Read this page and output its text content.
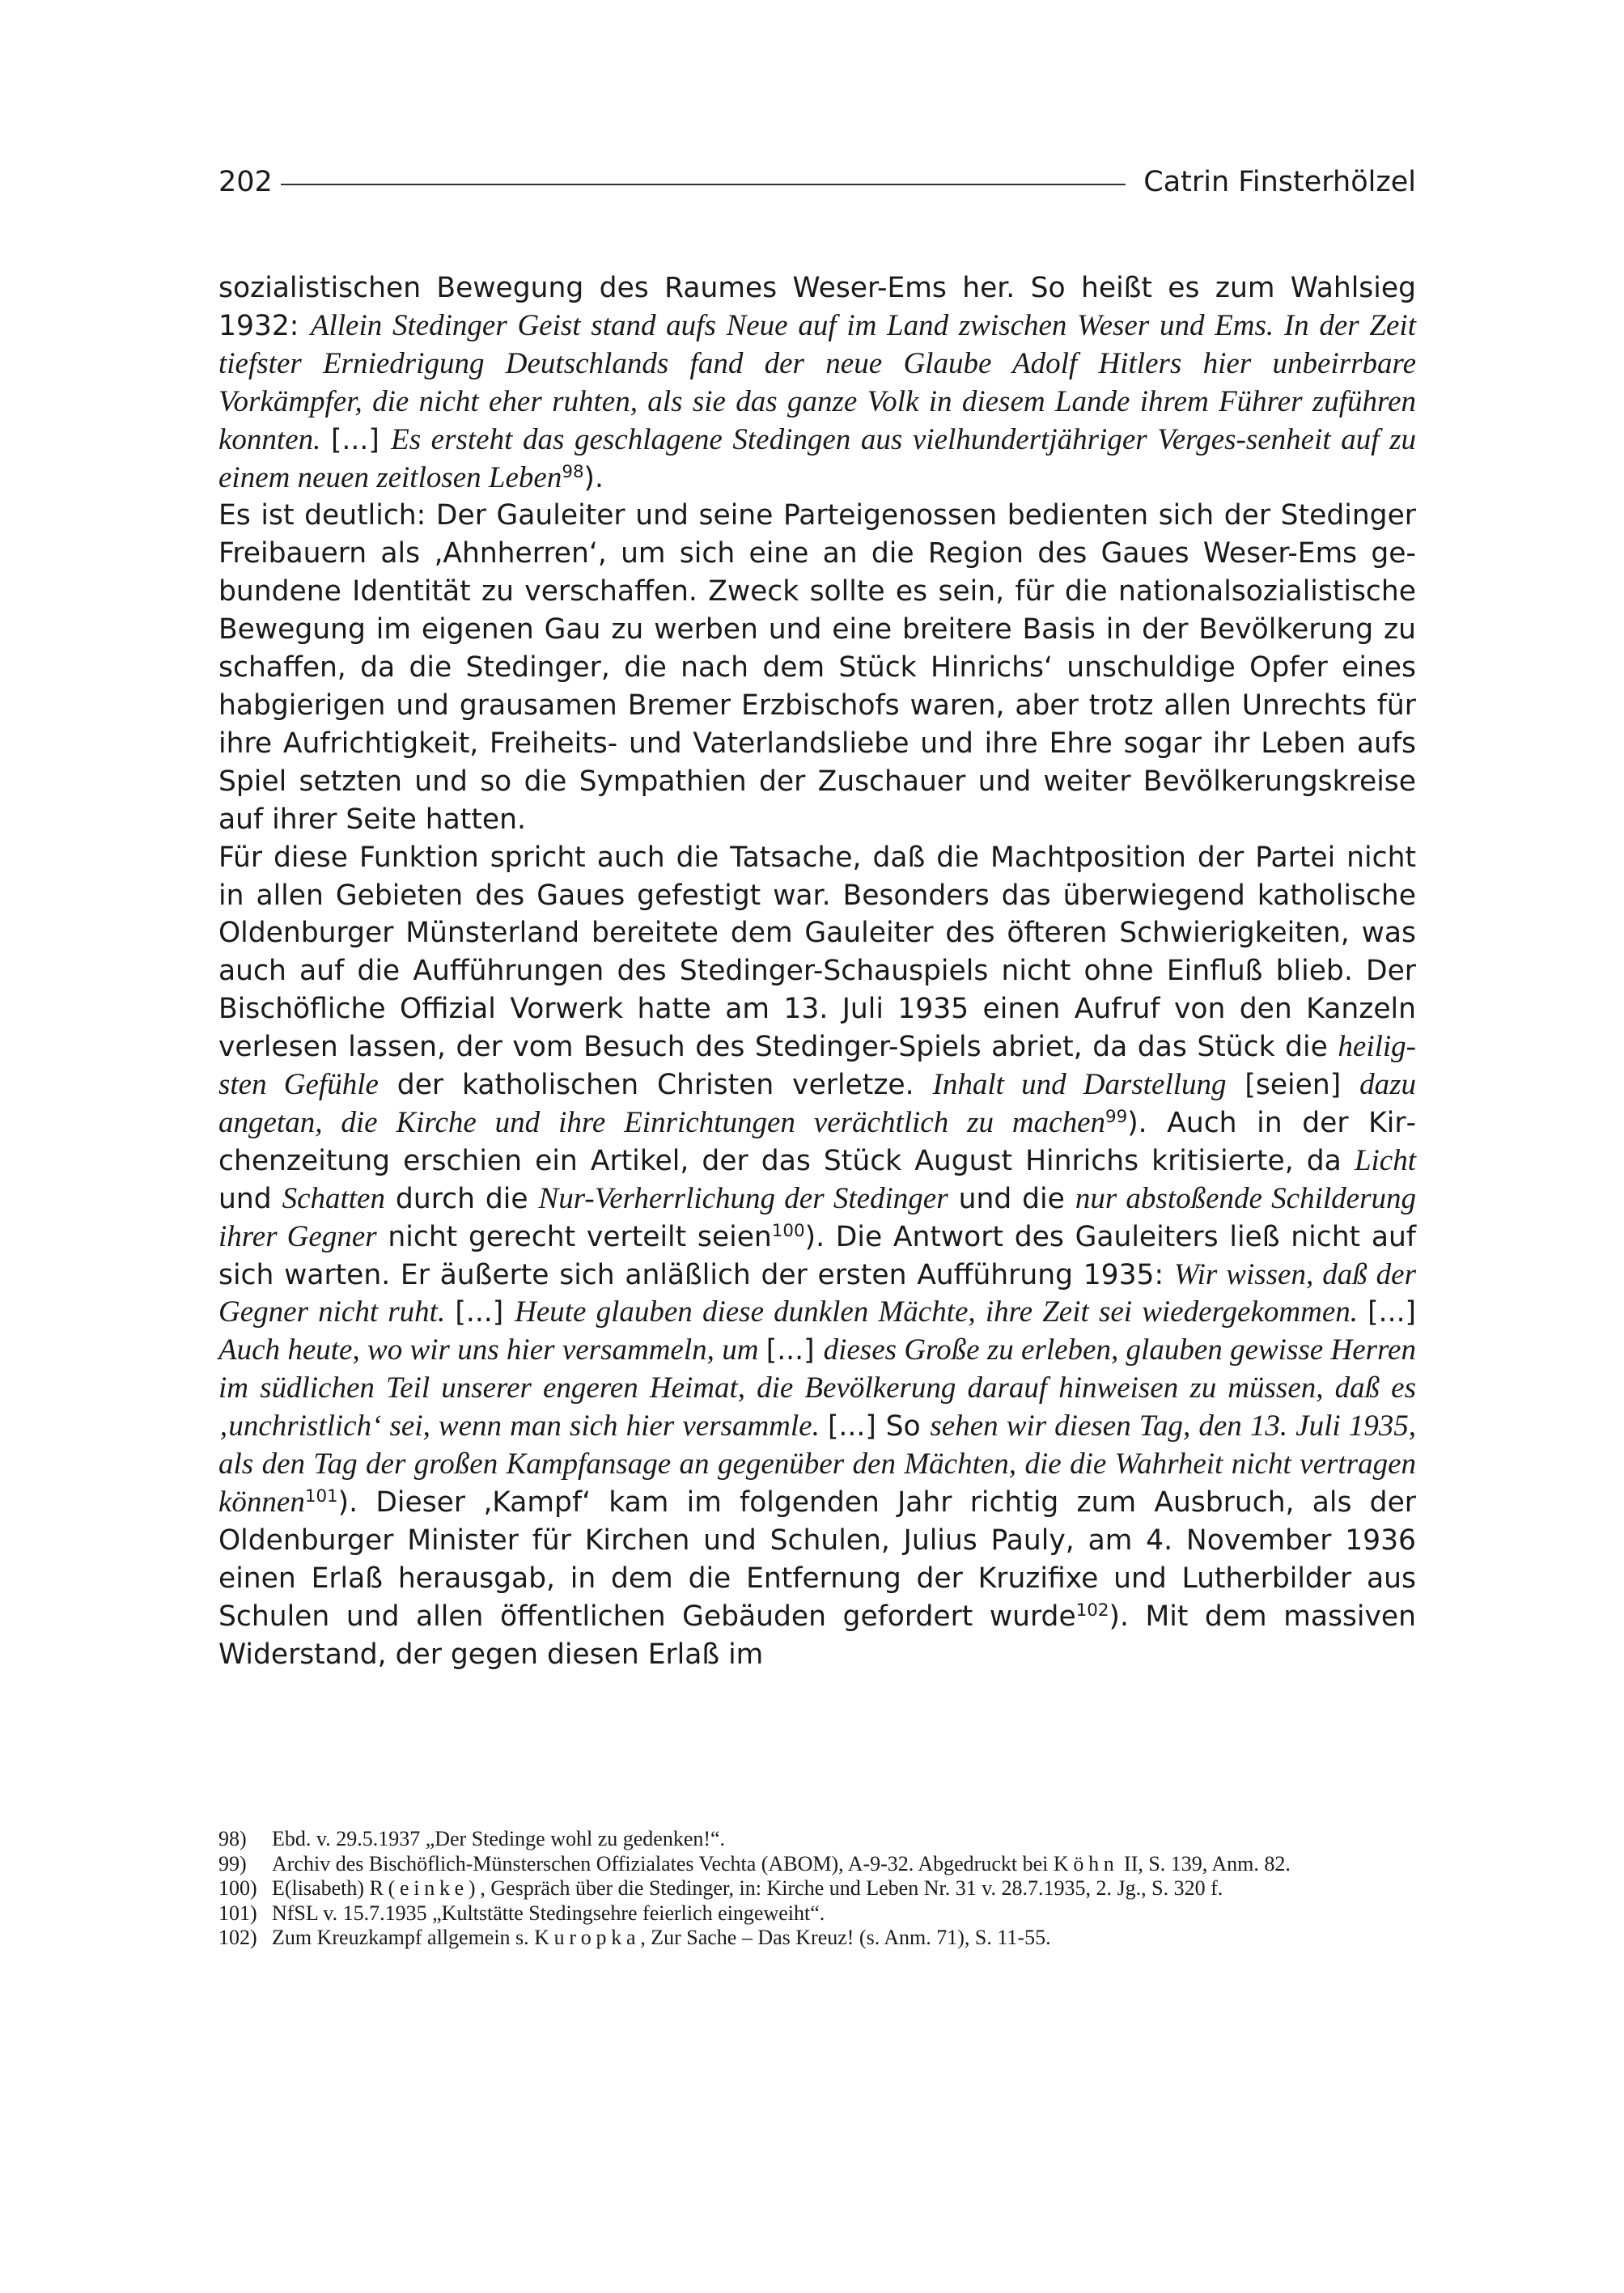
202	Catrin Finsterhölzel

sozialistischen Bewegung des Raumes Weser-Ems her. So heißt es zum Wahlsieg 1932: Allein Stedinger Geist stand aufs Neue auf im Land zwischen Weser und Ems. In der Zeit tiefster Erniedrigung Deutschlands fand der neue Glaube Adolf Hitlers hier unbeirrbare Vorkämpfer, die nicht eher ruhten, als sie das ganze Volk in diesem Lande ihrem Führer zuführen konnten. [...] Es ersteht das geschlagene Stedingen aus vielhundertjähriger Verges-senheit auf zu einem neuen zeitlosen Leben$^{98}$).

Es ist deutlich: Der Gauleiter und seine Parteigenossen bedienten sich der Stedinger Freibauern als ‚Ahnherren‘, um sich eine an die Region des Gaues Weser-Ems gebundene Identität zu verschaffen. Zweck sollte es sein, für die nationalsozialistische Bewegung im eigenen Gau zu werben und eine breitere Basis in der Bevölkerung zu schaffen, da die Stedinger, die nach dem Stück Hinrichs‘ unschuldige Opfer eines habgierigen und grausamen Bremer Erzbischofs waren, aber trotz allen Unrechts für ihre Aufrichtigkeit, Freiheits- und Vaterlandsliebe und ihre Ehre sogar ihr Leben aufs Spiel setzten und so die Sympathien der Zuschauer und weiter Bevölkerungskreise auf ihrer Seite hatten.

Für diese Funktion spricht auch die Tatsache, daß die Machtposition der Partei nicht in allen Gebieten des Gaues gefestigt war. Besonders das überwiegend katholische Oldenburger Münsterland bereitete dem Gauleiter des öfteren Schwierigkeiten, was auch auf die Aufführungen des Stedinger-Schauspiels nicht ohne Einfluß blieb. Der Bischöfliche Offizial Vorwerk hatte am 13. Juli 1935 einen Aufruf von den Kanzeln verlesen lassen, der vom Besuch des Stedinger-Spiels abriet, da das Stück die heiligsten Gefühle der katholischen Christen verletze. Inhalt und Darstellung [seien] dazu angetan, die Kirche und ihre Einrichtungen verächtlich zu machen$^{99}$). Auch in der Kirchenzeitung erschien ein Artikel, der das Stück August Hinrichs kritisierte, da Licht und Schatten durch die Nur-Verherrlichung der Stedinger und die nur abstoßende Schilderung ihrer Gegner nicht gerecht verteilt seien$^{100}$). Die Antwort des Gauleiters ließ nicht auf sich warten. Er äußerte sich anläßlich der ersten Aufführung 1935: Wir wissen, daß der Gegner nicht ruht. [...] Heute glauben diese dunklen Mächte, ihre Zeit sei wiedergekommen. [...] Auch heute, wo wir uns hier versammeln, um [...] dieses Große zu erleben, glauben gewisse Herren im südlichen Teil unserer engeren Heimat, die Bevölkerung darauf hinweisen zu müssen, daß es ‚unchristlich‘ sei, wenn man sich hier versammle. [...] So sehen wir diesen Tag, den 13. Juli 1935, als den Tag der großen Kampfansage an gegenüber den Mächten, die die Wahrheit nicht vertragen können$^{101}$). Dieser ‚Kampf‘ kam im folgenden Jahr richtig zum Ausbruch, als der Oldenburger Minister für Kirchen und Schulen, Julius Pauly, am 4. November 1936 einen Erlaß herausgab, in dem die Entfernung der Kruzifixe und Lutherbilder aus Schulen und allen öffentlichen Gebäuden gefordert wurde$^{102}$). Mit dem massiven Widerstand, der gegen diesen Erlaß im

98)	Ebd. v. 29.5.1937 „Der Stedinge wohl zu gedenken!“.
99)	Archiv des Bischöflich-Münsterschen Offizialates Vechta (ABOM), A-9-32. Abgedruckt bei Köhn II, S. 139, Anm. 82.
100) E(lisabeth) R(einke), Gespräch über die Stedinger, in: Kirche und Leben Nr. 31 v. 28.7.1935, 2. Jg., S. 320 f.
101) NfSL v. 15.7.1935 „Kultstätte Stedingsehre feierlich eingeweiht“.
102) Zum Kreuzkampf allgemein s. Kuropka, Zur Sache – Das Kreuz! (s. Anm. 71), S. 11-55.
